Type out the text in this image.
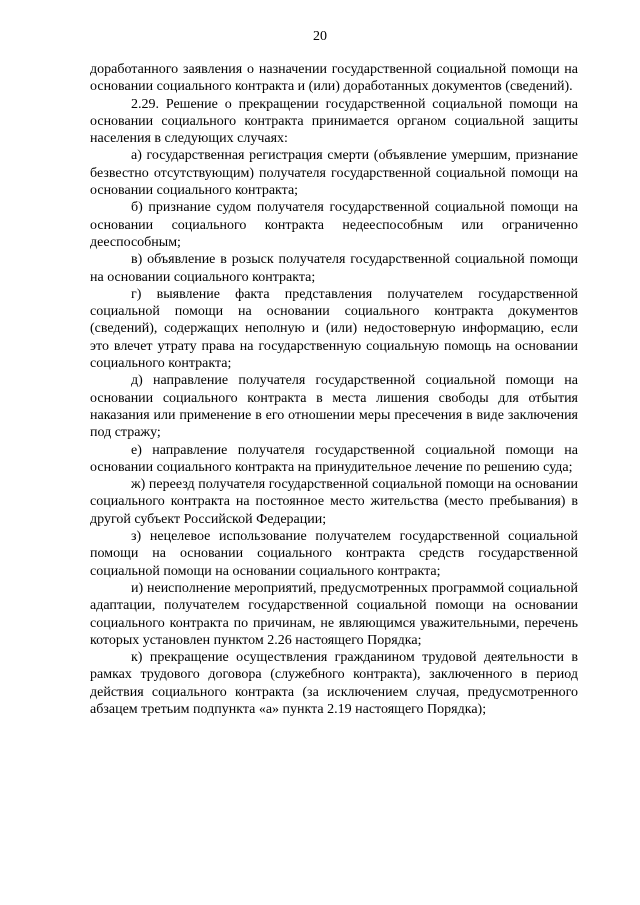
20

доработанного заявления о назначении государственной социальной помощи на основании социального контракта и (или) доработанных документов (сведений).

2.29. Решение о прекращении государственной социальной помощи на основании социального контракта принимается органом социальной защиты населения в следующих случаях:

а) государственная регистрация смерти (объявление умершим, признание безвестно отсутствующим) получателя государственной социальной помощи на основании социального контракта;

б) признание судом получателя государственной социальной помощи на основании социального контракта недееспособным или ограниченно дееспособным;

в) объявление в розыск получателя государственной социальной помощи на основании социального контракта;

г) выявление факта представления получателем государственной социальной помощи на основании социального контракта документов (сведений), содержащих неполную и (или) недостоверную информацию, если это влечет утрату права на государственную социальную помощь на основании социального контракта;

д) направление получателя государственной социальной помощи на основании социального контракта в места лишения свободы для отбытия наказания или применение в его отношении меры пресечения в виде заключения под стражу;

е) направление получателя государственной социальной помощи на основании социального контракта на принудительное лечение по решению суда;

ж) переезд получателя государственной социальной помощи на основании социального контракта на постоянное место жительства (место пребывания) в другой субъект Российской Федерации;

з) нецелевое использование получателем государственной социальной помощи на основании социального контракта средств государственной социальной помощи на основании социального контракта;

и) неисполнение мероприятий, предусмотренных программой социальной адаптации, получателем государственной социальной помощи на основании социального контракта по причинам, не являющимся уважительными, перечень которых установлен пунктом 2.26 настоящего Порядка;

к) прекращение осуществления гражданином трудовой деятельности в рамках трудового договора (служебного контракта), заключенного в период действия социального контракта (за исключением случая, предусмотренного абзацем третьим подпункта «а» пункта 2.19 настоящего Порядка);
